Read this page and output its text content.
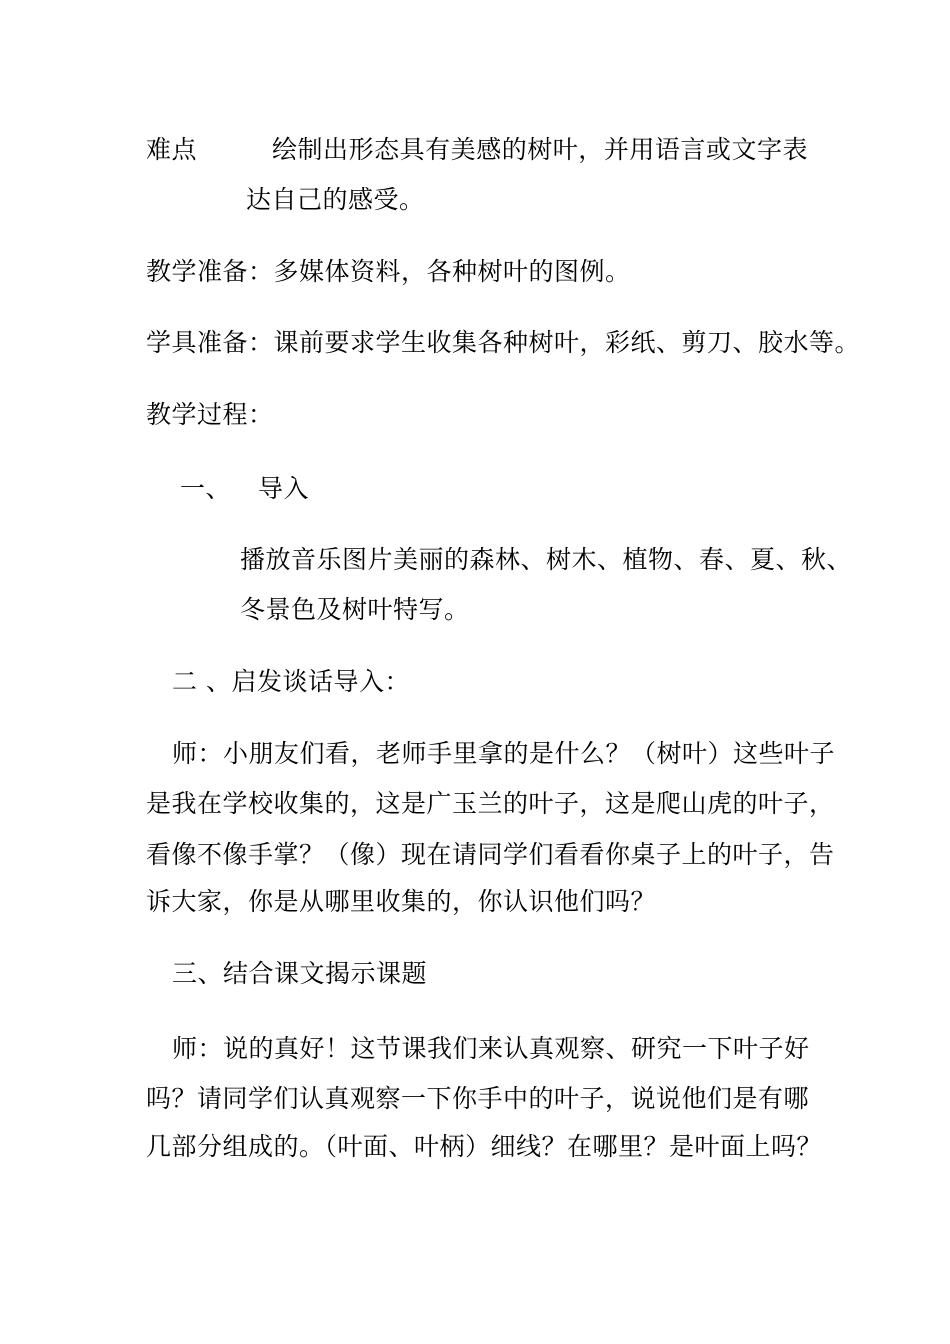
难点	绘制出形态具有美感的树叶，并用语言或文字表
达自己的感受。
教学准备：多媒体资料，各种树叶的图例。
学具准备：课前要求学生收集各种树叶，彩纸、剪刀、胶水等。
教学过程：
一、 导入
播放音乐图片美丽的森林、树木、植物、春、夏、秋、
冬景色及树叶特写。
二 、启发谈话导入：
师：小朋友们看，老师手里拿的是什么？（树叶）这些叶子
是我在学校收集的，这是广玉兰的叶子，这是爬山虎的叶子，
看像不像手掌？（像）现在请同学们看看你桌子上的叶子，告
诉大家，你是从哪里收集的，你认识他们吗？
三、结合课文揭示课题
师：说的真好！这节课我们来认真观察、研究一下叶子好
吗？请同学们认真观察一下你手中的叶子，说说他们是有哪
几部分组成的。（叶面、叶柄）细线？在哪里？是叶面上吗？
